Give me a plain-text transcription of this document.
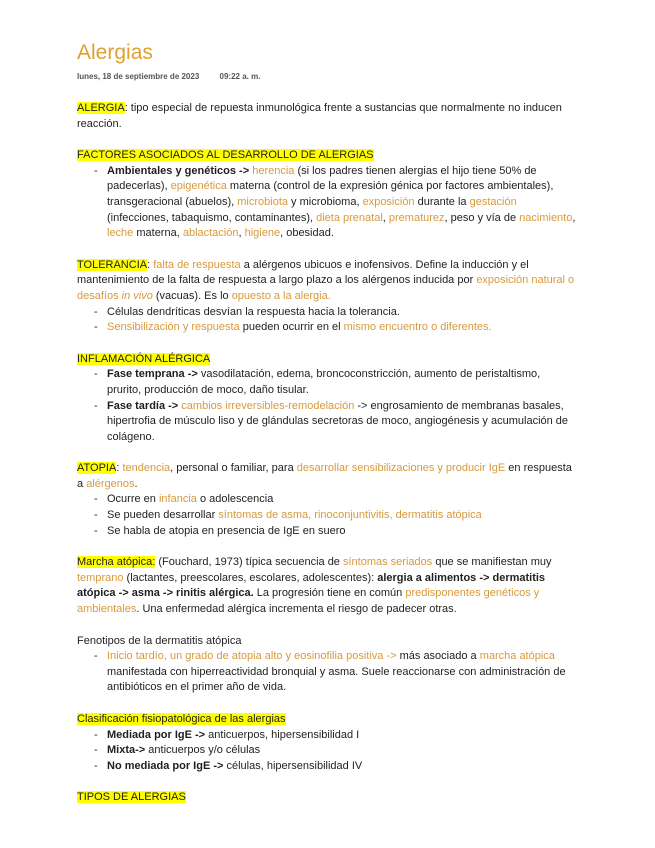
Alergias
lunes, 18 de septiembre de 2023	09:22 a. m.

ALERGIA: tipo especial de repuesta inmunológica frente a sustancias que normalmente no inducen reacción.

FACTORES ASOCIADOS AL DESARROLLO DE ALERGIAS

- Ambientales y genéticos -> herencia (si los padres tienen alergias el hijo tiene 50% de padecerlas), epigenética materna (control de la expresión génica por factores ambientales), transgeracional (abuelos), microbiota y microbioma, exposición durante la gestación (infecciones, tabaquismo, contaminantes), dieta prenatal, prematurez, peso y vía de nacimiento, leche materna, ablactación, higiene, obesidad.

TOLERANCIA: falta de respuesta a alérgenos ubicuos e inofensivos. Define la inducción y el mantenimiento de la falta de respuesta a largo plazo a los alérgenos inducida por exposición natural o desafíos in vivo (vacuas). Es lo opuesto a la alergia.

- Células dendríticas desvían la respuesta hacia la tolerancia.
- Sensibilización y respuesta pueden ocurrir en el mismo encuentro o diferentes.

INFLAMACIÓN ALÉRGICA

- Fase temprana -> vasodilatación, edema, broncoconstricción, aumento de peristaltismo, prurito, producción de moco, daño tisular.
- Fase tardía -> cambios irreversibles-remodelación -> engrosamiento de membranas basales, hipertrofia de músculo liso y de glándulas secretoras de moco, angiogénesis y acumulación de colágeno.

ATOPIA: tendencia, personal o familiar, para desarrollar sensibilizaciones y producir IgE en respuesta a alérgenos.

- Ocurre en infancia o adolescencia
- Se pueden desarrollar síntomas de asma, rinoconjuntivitis, dermatitis atópica
- Se habla de atopia en presencia de IgE en suero

Marcha atópica: (Fouchard, 1973) típica secuencia de síntomas seriados que se manifiestan muy temprano (lactantes, preescolares, escolares, adolescentes): alergia a alimentos -> dermatitis atópica -> asma -> rinitis alérgica. La progresión tiene en común predisponentes genéticos y ambientales. Una enfermedad alérgica incrementa el riesgo de padecer otras.

Fenotipos de la dermatitis atópica

- Inicio tardío, un grado de atopia alto y eosinofilia positiva -> más asociado a marcha atópica manifestada con hiperreactividad bronquial y asma. Suele reaccionarse con administración de antibióticos en el primer año de vida.

Clasificación fisiopatológica de las alergias

- Mediada por IgE -> anticuerpos, hipersensibilidad I
- Mixta-> anticuerpos y/o células
- No mediada por IgE -> células, hipersensibilidad IV

TIPOS DE ALERGIAS
